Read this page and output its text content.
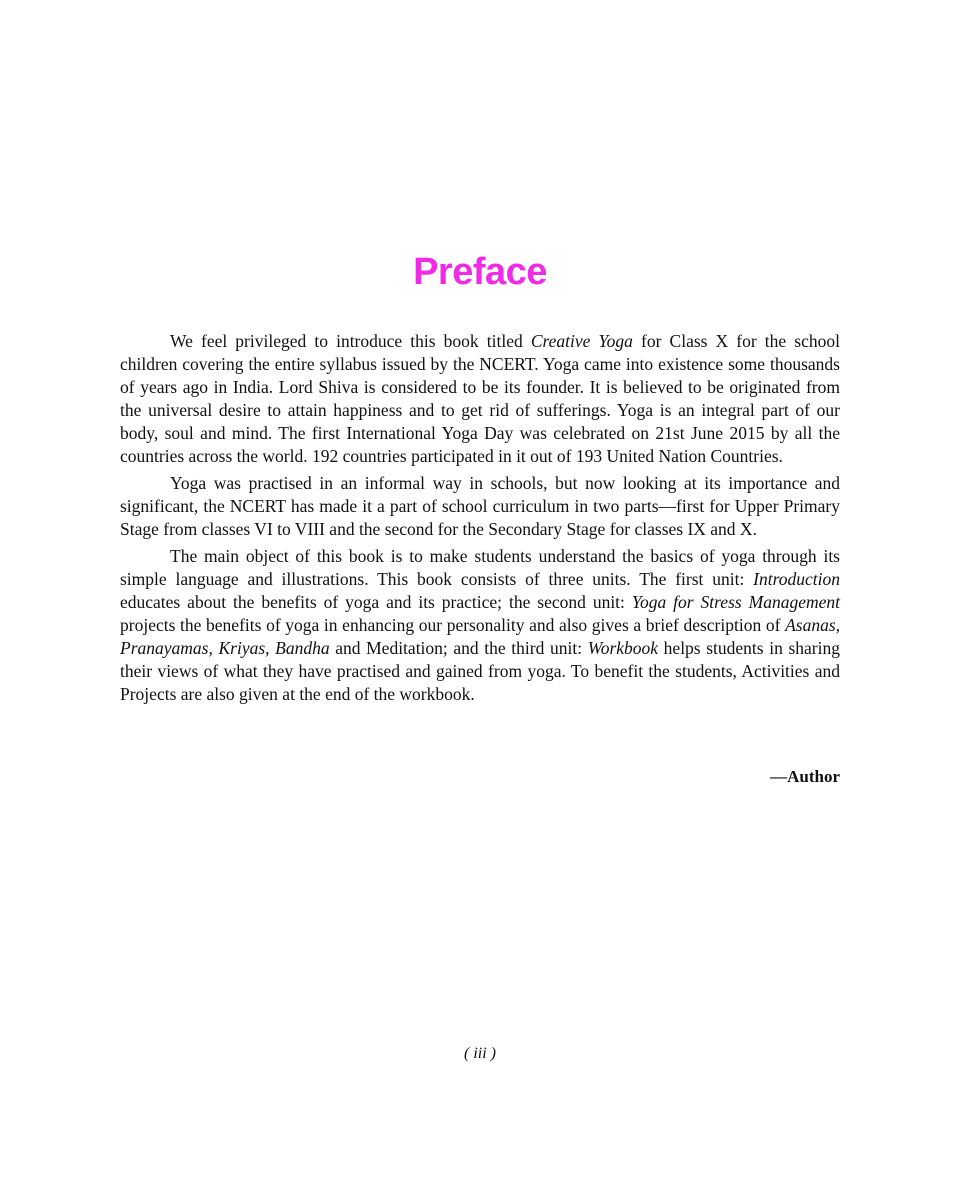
Preface

We feel privileged to introduce this book titled Creative Yoga for Class X for the school children covering the entire syllabus issued by the NCERT. Yoga came into existence some thousands of years ago in India. Lord Shiva is considered to be its founder. It is believed to be originated from the universal desire to attain happiness and to get rid of sufferings. Yoga is an integral part of our body, soul and mind. The first International Yoga Day was celebrated on 21st June 2015 by all the countries across the world. 192 countries participated in it out of 193 United Nation Countries.

Yoga was practised in an informal way in schools, but now looking at its importance and significant, the NCERT has made it a part of school curriculum in two parts—first for Upper Primary Stage from classes VI to VIII and the second for the Secondary Stage for classes IX and X.

The main object of this book is to make students understand the basics of yoga through its simple language and illustrations. This book consists of three units. The first unit: Introduction educates about the benefits of yoga and its practice; the second unit: Yoga for Stress Management projects the benefits of yoga in enhancing our personality and also gives a brief description of Asanas, Pranayamas, Kriyas, Bandha and Meditation; and the third unit: Workbook helps students in sharing their views of what they have practised and gained from yoga. To benefit the students, Activities and Projects are also given at the end of the workbook.

—Author
( iii )
